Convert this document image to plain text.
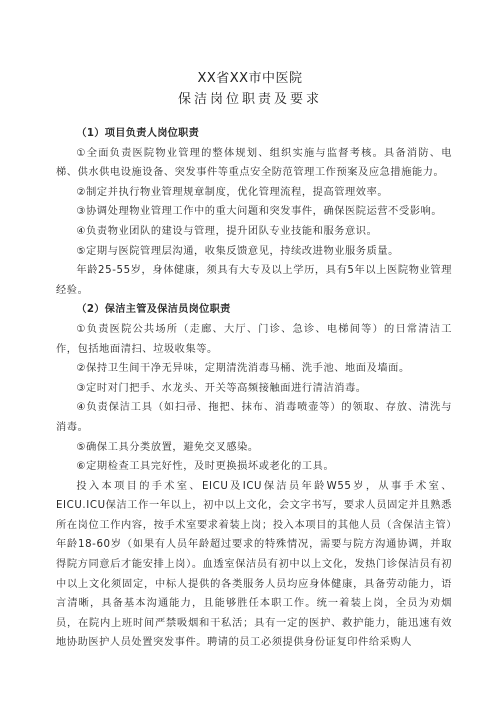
XX省XX市中医院
保洁岗位职责及要求

（1）项目负责人岗位职责

①全面负责医院物业管理的整体规划、组织实施与监督考核。具备消防、电梯、供水供电设施设备、突发事件等重点安全防范管理工作预案及应急措施能力。

②制定并执行物业管理规章制度，优化管理流程，提高管理效率。

③协调处理物业管理工作中的重大问题和突发事件，确保医院运营不受影响。

④负责物业团队的建设与管理，提升团队专业技能和服务意识。

⑤定期与医院管理层沟通，收集反馈意见，持续改进物业服务质量。

年龄25-55岁，身体健康，须具有大专及以上学历，具有5年以上医院物业管理经验。

（2）保洁主管及保洁员岗位职责

①负责医院公共场所（走廊、大厅、门诊、急诊、电梯间等）的日常清洁工作，包括地面清扫、垃圾收集等。

②保持卫生间干净无异味，定期清洗消毒马桶、洗手池、地面及墙面。

③定时对门把手、水龙头、开关等高频接触面进行清洁消毒。

④负责保洁工具（如扫帚、拖把、抹布、消毒喷壶等）的领取、存放、清洗与消毒。

⑤确保工具分类放置，避免交叉感染。

⑥定期检查工具完好性，及时更换损坏或老化的工具。

投入本项目的手术室、EICU及ICU保洁员年龄W55岁，从事手术室、EICU.ICU保洁工作一年以上，初中以上文化，会文字书写，要求人员固定并且熟悉所在岗位工作内容，按手术室要求着装上岗；投入本项目的其他人员（含保洁主管）年龄18-60岁（如果有人员年龄超过要求的特殊情况，需要与院方沟通协调，并取得院方同意后才能安排上岗）。血透室保洁员有初中以上文化，发热门诊保洁员有初中以上文化须固定，中标人提供的各类服务人员均应身体健康，具备劳动能力，语言清晰，具备基本沟通能力，且能够胜任本职工作。统一着装上岗，全员为劝烟员，在院内上班时间严禁吸烟和干私活；具有一定的医护、救护能力，能迅速有效地协助医护人员处置突发事件。聘请的员工必须提供身份证复印件给采购人
